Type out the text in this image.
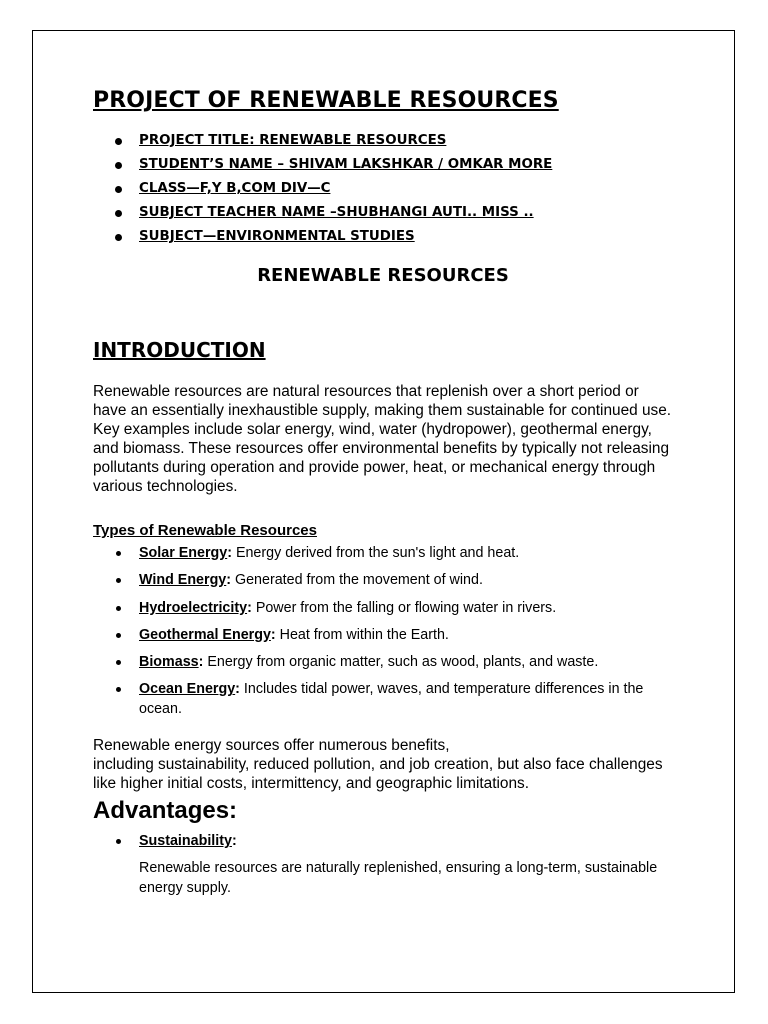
PROJECT OF RENEWABLE RESOURCES
PROJECT TITLE: RENEWABLE RESOURCES
STUDENT’S NAME – SHIVAM LAKSHKAR / OMKAR MORE
CLASS—F,Y B,COM DIV—C
SUBJECT TEACHER NAME –SHUBHANGI AUTI.. MISS ..
SUBJECT—ENVIRONMENTAL STUDIES
RENEWABLE RESOURCES
INTRODUCTION

Renewable resources are natural resources that replenish over a short period or have an essentially inexhaustible supply, making them sustainable for continued use. Key examples include solar energy, wind, water (hydropower), geothermal energy, and biomass. These resources offer environmental benefits by typically not releasing pollutants during operation and provide power, heat, or mechanical energy through various technologies.

Types of Renewable Resources
Solar Energy: Energy derived from the sun's light and heat.
Wind Energy: Generated from the movement of wind.
Hydroelectricity: Power from the falling or flowing water in rivers.
Geothermal Energy: Heat from within the Earth.
Biomass: Energy from organic matter, such as wood, plants, and waste.
Ocean Energy: Includes tidal power, waves, and temperature differences in the ocean.

Renewable energy sources offer numerous benefits,
including sustainability, reduced pollution, and job creation, but also face challenges like higher initial costs, intermittency, and geographic limitations.

Advantages:
Sustainability:

Renewable resources are naturally replenished, ensuring a long-term, sustainable energy supply.
